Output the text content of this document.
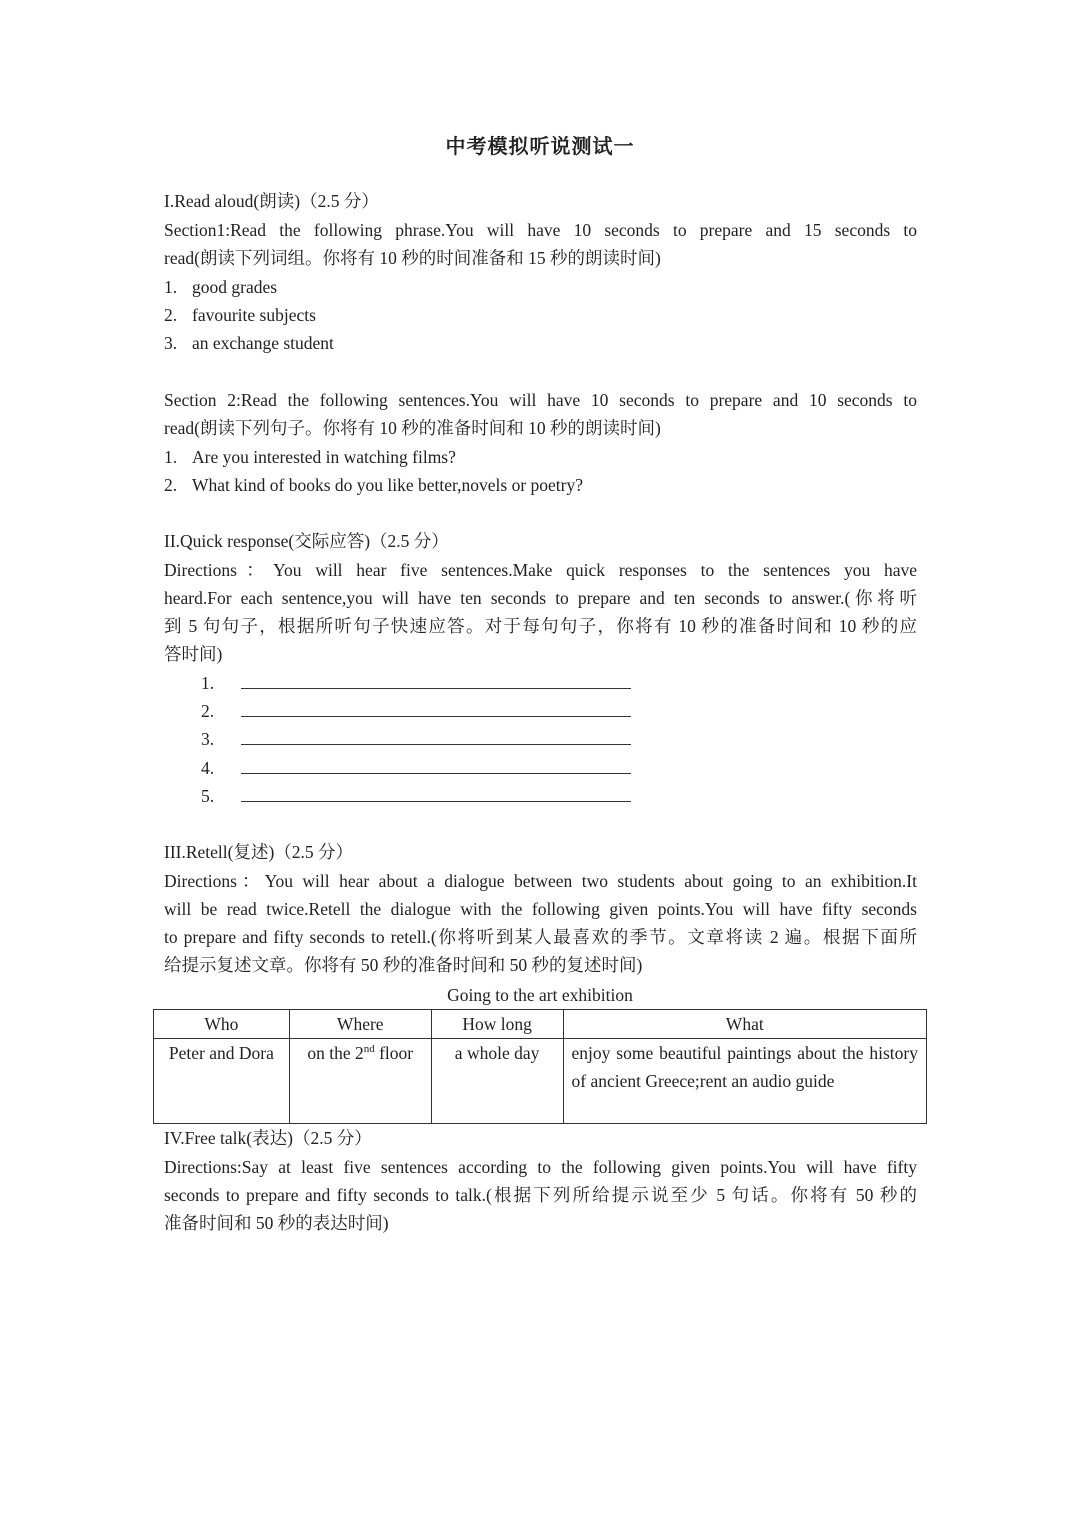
中考模拟听说测试一
I.Read aloud(朗读)（2.5 分）
Section1:Read the following phrase.You will have 10 seconds to prepare and 15 seconds to
read(朗读下列词组。你将有 10 秒的时间准备和 15 秒的朗读时间)
1. good grades
2. favourite subjects
3. an exchange student
Section 2:Read the following sentences.You will have 10 seconds to prepare and 10 seconds to
read(朗读下列句子。你将有 10 秒的准备时间和 10 秒的朗读时间)
1. Are you interested in watching films?
2. What kind of books do you like better,novels or poetry?
II.Quick response(交际应答)（2.5 分）
Directions：You will hear five sentences.Make quick responses to the sentences you have
heard.For each sentence,you will have ten seconds to prepare and ten seconds to answer.(你将听
到 5 句句子，根据所听句子快速应答。对于每句句子，你将有 10 秒的准备时间和 10 秒的应
答时间)
1.
2.
3.
4.
5.
III.Retell(复述)（2.5 分）
Directions：You will hear about a dialogue between two students about going to an exhibition.It
will be read twice.Retell the dialogue with the following given points.You will have fifty seconds
to prepare and fifty seconds to retell.(你将听到某人最喜欢的季节。文章将读 2 遍。根据下面所
给提示复述文章。你将有 50 秒的准备时间和 50 秒的复述时间)
IV.Free talk(表达)（2.5 分）
Directions:Say at least five sentences according to the following given points.You will have fifty
seconds to prepare and fifty seconds to talk.(根据下列所给提示说至少 5 句话。你将有 50 秒的
准备时间和 50 秒的表达时间)
Going to the art exhibition
Who	Where	How long	What
Peter and Dora	on the 2nd floor	a whole day	enjoy some beautiful paintings about the history of ancient Greece;rent an audio guide
